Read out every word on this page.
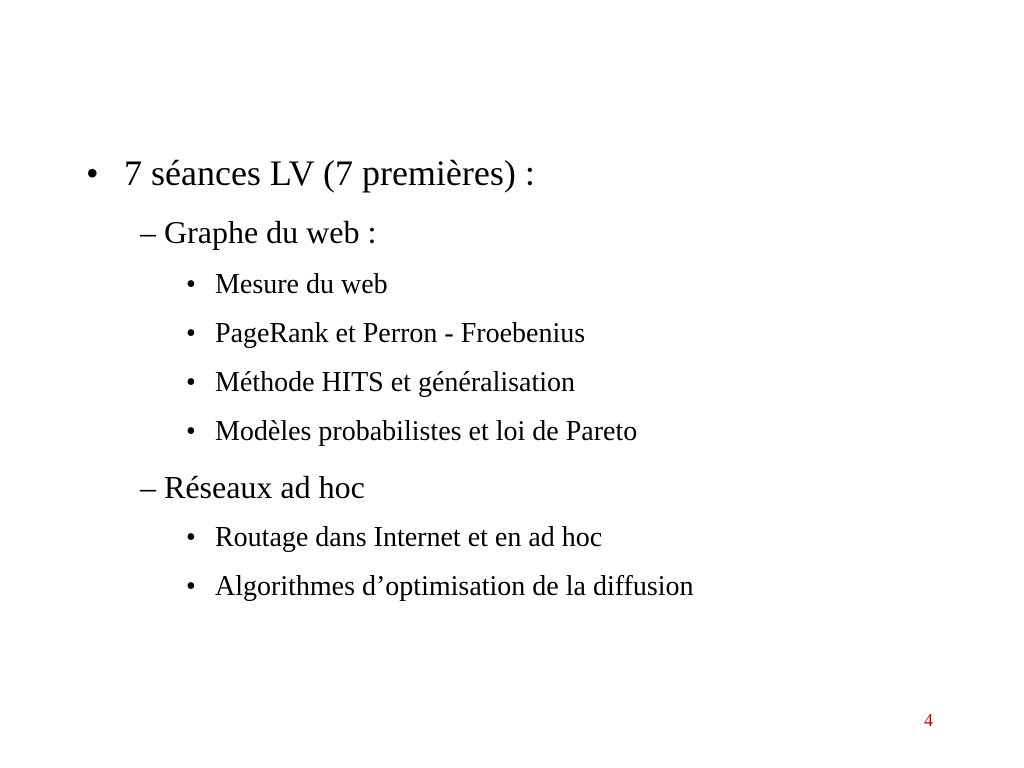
• 7 séances LV (7 premières) :
– Graphe du web :
• Mesure du web
• PageRank et Perron - Froebenius
• Méthode HITS et généralisation
• Modèles probabilistes et loi de Pareto
– Réseaux ad hoc
• Routage dans Internet et en ad hoc
• Algorithmes d’optimisation de la diffusion
4
